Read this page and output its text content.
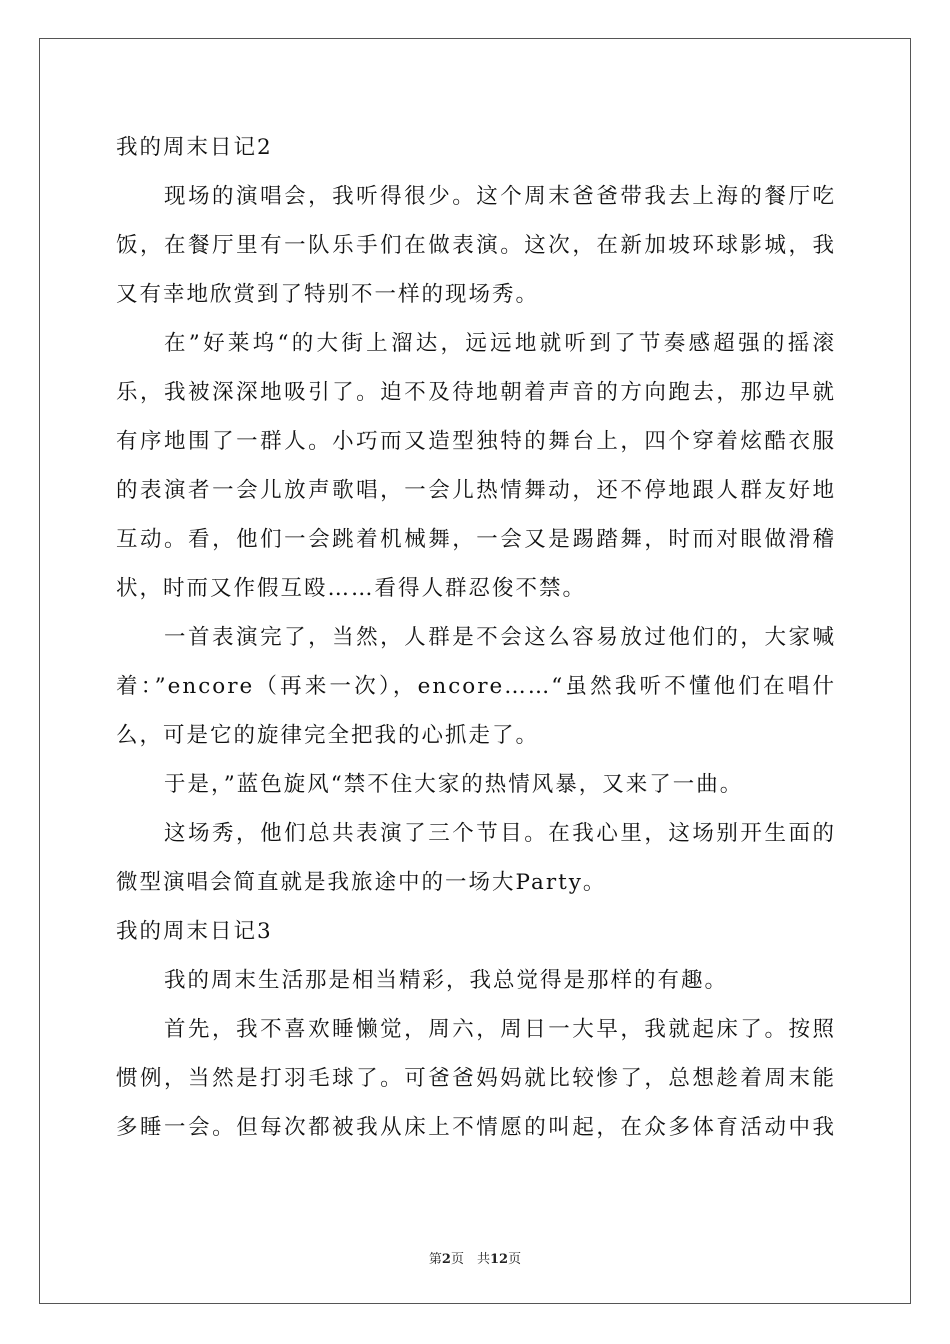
我的周末日记2
现场的演唱会，我听得很少。这个周末爸爸带我去上海的餐厅吃
饭，在餐厅里有一队乐手们在做表演。这次，在新加坡环球影城，我
又有幸地欣赏到了特别不一样的现场秀。
在”好莱坞“的大街上溜达，远远地就听到了节奏感超强的摇滚
乐，我被深深地吸引了。迫不及待地朝着声音的方向跑去，那边早就
有序地围了一群人。小巧而又造型独特的舞台上，四个穿着炫酷衣服
的表演者一会儿放声歌唱，一会儿热情舞动，还不停地跟人群友好地
互动。看，他们一会跳着机械舞，一会又是踢踏舞，时而对眼做滑稽
状，时而又作假互殴……看得人群忍俊不禁。
一首表演完了，当然，人群是不会这么容易放过他们的，大家喊
着：”encore（再来一次），encore……“虽然我听不懂他们在唱什
么，可是它的旋律完全把我的心抓走了。
于是，”蓝色旋风“禁不住大家的热情风暴，又来了一曲。
这场秀，他们总共表演了三个节目。在我心里，这场别开生面的
微型演唱会简直就是我旅途中的一场大Party。
我的周末日记3
我的周末生活那是相当精彩，我总觉得是那样的有趣。
首先，我不喜欢睡懒觉，周六，周日一大早，我就起床了。按照
惯例，当然是打羽毛球了。可爸爸妈妈就比较惨了，总想趁着周末能
多睡一会。但每次都被我从床上不情愿的叫起，在众多体育活动中我
第2页　共12页
